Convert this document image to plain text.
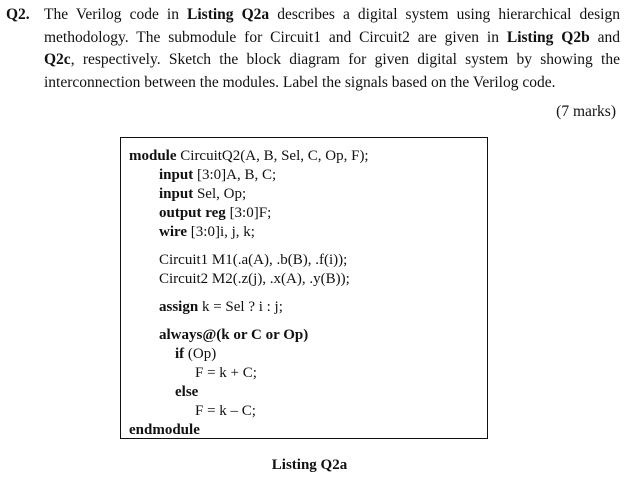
Q2. The Verilog code in Listing Q2a describes a digital system using hierarchical design
methodology. The submodule for Circuit1 and Circuit2 are given in Listing Q2b and
Q2c, respectively. Sketch the block diagram for given digital system by showing the
interconnection between the modules. Label the signals based on the Verilog code.
(7 marks)
module CircuitQ2(A, B, Sel, C, Op, F);
input [3:0]A, B, C;
input Sel, Op;
output reg [3:0]F;
wire [3:0]i, j, k;
Circuit1 M1(.a(A), .b(B), .f(i));
Circuit2 M2(.z(j), .x(A), .y(B));
assign k = Sel ? i : j;
always@(k or C or Op)
if (Op)
F = k + C;
else
F = k – C;
endmodule
Listing Q2a
